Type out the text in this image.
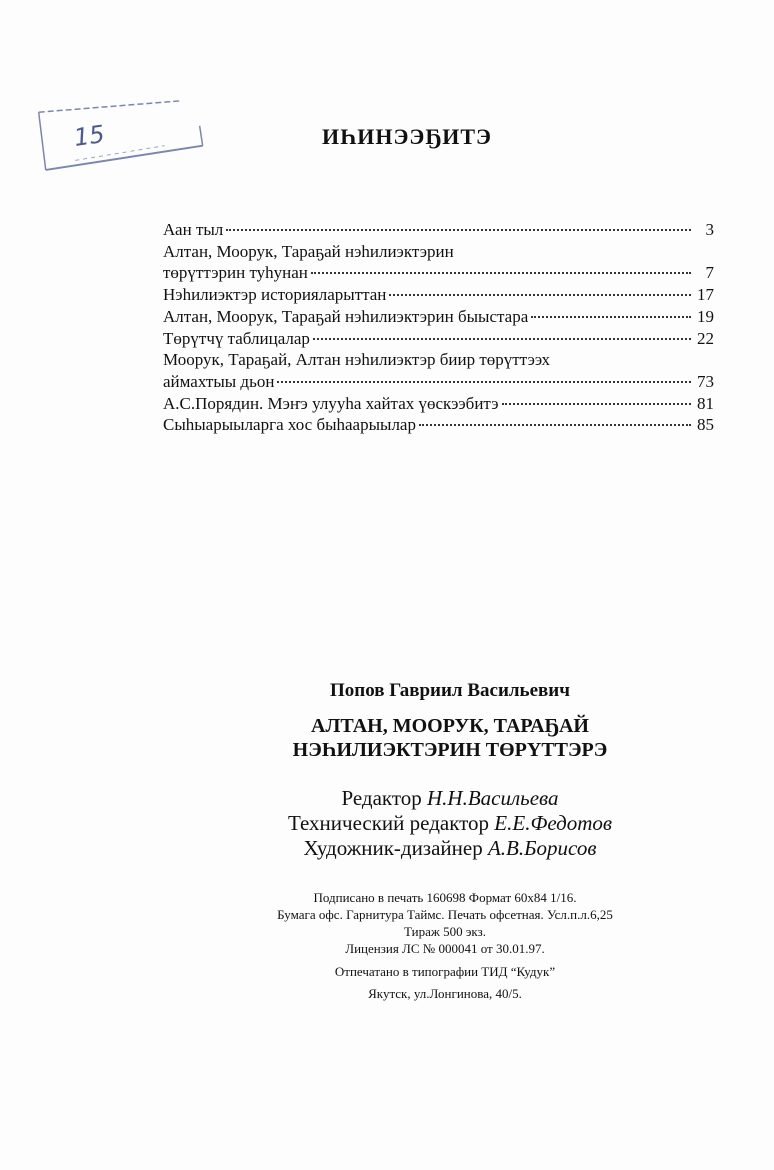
15	ИҺИНЭЭҔИТЭ
Аан тыл	3
Алтан, Моорук, Тараҕай нэһилиэктэрин
төрүттэрин туһунан	7
Нэһилиэктэр историяларыттан	17
Алтан, Моорук, Тараҕай нэһилиэктэрин быыстара	19
Төрүтчү таблицалар	22
Моорук, Тараҕай, Алтан нэһилиэктэр биир төрүттээх
аймахтыы дьон	73
А.С.Порядин. Мэҥэ улууһа хайтах үөскээбитэ	81
Сыһыарыыларга хос быһаарыылар	85
Попов Гавриил Васильевич
АЛТАН, МООРУК, ТАРАҔАЙ
НЭҺИЛИЭКТЭРИН ТӨРҮТТЭРЭ
Редактор Н.Н.Васильева
Технический редактор Е.Е.Федотов
Художник-дизайнер А.В.Борисов
Подписано в печать 160698 Формат 60х84 1/16.
Бумага офс. Гарнитура Таймс. Печать офсетная. Усл.п.л.6,25
Тираж 500 экз.
Лицензия ЛС № 000041 от 30.01.97.
Отпечатано в типографии ТИД “Кудук”
Якутск, ул.Лонгинова, 40/5.
